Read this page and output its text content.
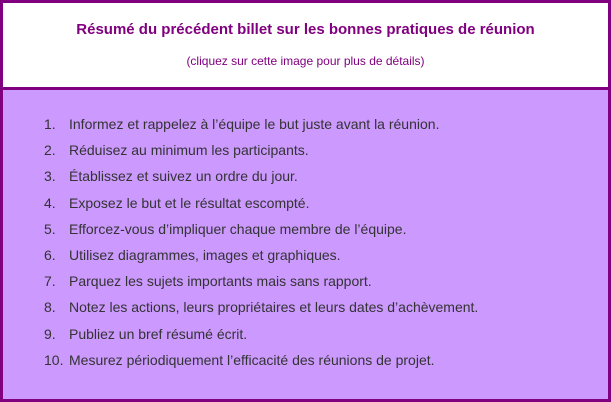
Résumé du précédent billet sur les bonnes pratiques de réunion
(cliquez sur cette image pour plus de détails)
1. Informez et rappelez à l’équipe le but juste avant la réunion.
2. Réduisez au minimum les participants.
3. Établissez et suivez un ordre du jour.
4. Exposez le but et le résultat escompté.
5. Efforcez-vous d’impliquer chaque membre de l’équipe.
6. Utilisez diagrammes, images et graphiques.
7. Parquez les sujets importants mais sans rapport.
8. Notez les actions, leurs propriétaires et leurs dates d’achèvement.
9. Publiez un bref résumé écrit.
10. Mesurez périodiquement l’efficacité des réunions de projet.
